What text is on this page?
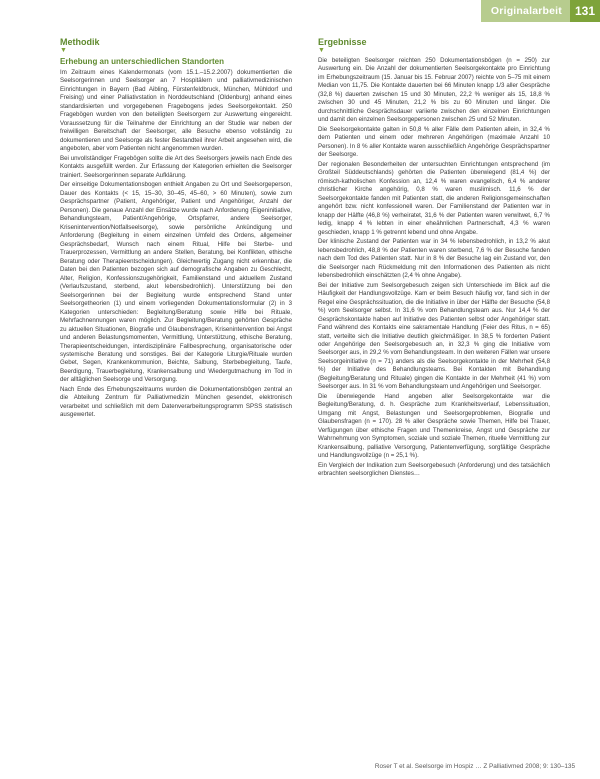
Originalarbeit	131
Methodik
▼
Erhebung an unterschiedlichen Standorten

Im Zeitraum eines Kalendermonats (vom 15.1.–15.2.2007) dokumentierten die Seelsorgerinnen und Seelsorger an 7 Hospitälern und palliativmedizinischen Einrichtungen in Bayern (Bad Aibling, Fürstenfeldbruck, München, Mühldorf und Freising) und einer Palliativstation in Norddeutschland (Oldenburg) anhand eines standardisierten und vorgegebenen Fragebogens jedes Seelsorgekontakt. 250 Fragebögen wurden von den beteiligten Seelsorgern zur Auswertung eingereicht. Voraussetzung für die Teilnahme der Einrichtung an der Studie war neben der freiwilligen Bereitschaft der Seelsorger, alle Besuche ebenso vollständig zu dokumentieren und Seelsorge als fester Bestandteil ihrer Arbeit angesehen wird, die angeboten, aber vom Patienten nicht angenommen wurden.

Bei unvollständiger Fragebögen sollte die Art des Seelsorgers jeweils nach Ende des Kontakts ausgefüllt werden. Zur Erfassung der Kategorien erhielten die Seelsorger trainiert. Seelsorgerinnen separate Aufklärung.

Der einseitige Dokumentationsbogen enthielt Angaben zu Ort und Seelsorgeperson, Dauer des Kontakts (< 15, 15–30, 30–45, 45–60, > 60 Minuten), sowie zum Gesprächspartner (Patient, Angehöriger, Patient und Angehöriger, Anzahl der Personen). Die genaue Anzahl der Einsätze wurde nach Anforderung (Eigeninitiative, Behandlungsteam, Patient/Angehörige, Ortspfarrer, andere Seelsorger, Krisenintervention/Notfallseelsorge), sowie persönliche Ankündigung und Anforderung (Begleitung in einem einzelnen Umfeld des Ordens, allgemeiner Gesprächsbedarf, Wunsch nach einem Ritual, Hilfe bei Sterbe- und Trauerprozessen, Vermittlung an andere Stellen, Beratung, bei Konflikten, ethische Beratung oder Therapieentscheidungen). Gleichwertig Zugang nicht erkennbar, die Daten bei den Patienten bezogen sich auf demografische Angaben zu Geschlecht, Alter, Religion, Konfessionszugehörigkeit, Familienstand und aktuellem Zustand (Verlaufszustand, sterbend, akut lebensbedrohlich). Unterstützung bei den Seelsorgerinnen bei der Begleitung wurde entsprechend Stand unter Seelsorgetheorien (1) und einem vorliegenden Dokumentationsformular (2) in 3 Kategorien unterschieden: Begleitung/Beratung sowie Hilfe bei Rituale, Mehrfachnennungen waren möglich. Zur Begleitung/Beratung gehörten Gespräche zu aktuellen Situationen, Biografie und Glaubensfragen, Krisenintervention bei Angst und anderen Belastungsmomenten, Vermittlung, Unterstützung, ethische Beratung, Therapieentscheidungen, interdisziplinäre Fallbesprechung, organisatorische oder systemische Beratung und sonstiges. Bei der Kategorie Liturgie/Rituale wurden Gebet, Segen, Krankenkommunion, Beichte, Salbung, Sterbebegleitung, Taufe, Beerdigung, Trauerbegleitung, Krankensalbung und Wiedergutmachung im Tod in der alltäglichen Seelsorge und Versorgung.

Nach Ende des Erhebungszeitraums wurden die Dokumentationsbögen zentral an die Abteilung Zentrum für Palliativmedizin München gesendet, elektronisch verarbeitet und schließlich mit dem Datenverarbeitungsprogramm SPSS statistisch ausgewertet.

Ergebnisse
▼

Die beteiligten Seelsorger reichten 250 Dokumentationsbögen (n = 250) zur Auswertung ein. Die Anzahl der dokumentierten Seelsorgekontakte pro Einrichtung im Erhebungszeitraum (15. Januar bis 15. Februar 2007) reichte von 5–75 mit einem Median von 11,75. Die Kontakte dauerten bei 66 Minuten knapp 1/3 aller Gespräche (32,8 %) dauerten zwischen 15 und 30 Minuten, 22,2 % weniger als 15, 18,8 % zwischen 30 und 45 Minuten, 21,2 % bis zu 60 Minuten und länger. Die durchschnittliche Gesprächsdauer variierte zwischen den einzelnen Einrichtungen und damit den einzelnen Seelsorgepersonen zwischen 25 und 52 Minuten.

Die Seelsorgekontakte galten in 50,8 % aller Fälle dem Patienten allein, in 32,4 % dem Patienten und einem oder mehreren Angehörigen (maximale Anzahl 10 Personen). In 8 % aller Kontakte waren ausschließlich Angehörige Gesprächspartner der Seelsorge.

Der regionalen Besonderheiten der untersuchten Einrichtungen entsprechend (im Großteil Süddeutschlands) gehörten die Patienten überwiegend (81,4 %) der römisch-katholischen Konfession an, 12,4 % waren evangelisch, 6,4 % anderer christlicher Kirche angehörig, 0,8 % waren muslimisch. 11,6 % der Seelsorgekontakte fanden mit Patienten statt, die anderen Religionsgemeinschaften angehört bzw. nicht konfessionell waren. Der Familienstand der Patienten war in knapp der Hälfte (46,8 %) verheiratet, 31,6 % der Patienten waren verwitwet, 6,7 % ledig, knapp 4 % lebten in einer eheähnlichen Partnerschaft, 4,3 % waren geschieden, knapp 1 % getrennt lebend und ohne Angabe.

Der klinische Zustand der Patienten war in 34 % lebensbedrohlich, in 13,2 % akut lebensbedrohlich, 48,8 % der Patienten waren sterbend, 7,6 % der Besuche fanden nach dem Tod des Patienten statt. Nur in 8 % der Besuche lag ein Zustand vor, den die Seelsorger nach Rückmeldung mit den Informationen des Patienten als nicht lebensbedrohlich einschätzten (2,4 % ohne Angabe).

Bei der Initiative zum Seelsorgebesuch zeigen sich Unterschiede im Blick auf die Häufigkeit der Handlungsvollzüge. Kam er beim Besuch häufig vor, fand sich in der Regel eine Gesprächssituation, die die Initiative in über der Hälfte der Besuche (54,8 %) vom Seelsorger selbst. In 31,6 % vom Behandlungsteam aus. Nur 14,4 % der Gesprächskontakte haben auf Initiative des Patienten selbst oder Angehöriger statt. Fand während des Kontakts eine sakramentale Handlung (Feier des Ritus, n = 65) statt, verteilte sich die Initiative deutlich gleichmäßiger. In 38,5 % forderten Patient oder Angehörige den Seelsorgebesuch an, in 32,3 % ging die Initiative vom Seelsorger aus, in 29,2 % vom Behandlungsteam. In den weiteren Fällen war unsere Seelsorgeinitiative (n = 71) anders als die Seelsorgekontakte in der Mehrheit (54,8 %) der Initiative des Behandlungsteams. Bei Kontakten mit Behandlung (Begleitung/Beratung und Rituale) gingen die Kontakte in der Mehrheit (41 %) vom Seelsorger aus. In 31 % vom Behandlungsteam und Angehörigen und Seelsorger.

Die überwiegende Hand angeben aller Seelsorgekontakte war die Begleitung/Beratung, d. h. Gespräche zum Krankheitsverlauf, Lebenssituation, Umgang mit Angst, Belastungen und Seelsorgeproblemen, Biografie und Glaubensfragen (n = 170). 28 % aller Gespräche sowie Themen, Hilfe bei Trauer, Verfügungen über ethische Fragen und Themenkreise, Angst und Gespräche zur Wahrnehmung von Symptomen, soziale und soziale Themen, rituelle Vermittlung zur Krankensalbung, palliative Versorgung, Patientenverfügung, sorgfältige Gespräche und Handlungsvollzüge (n = 25,1 %).

Ein Vergleich der Indikation zum Seelsorgebesuch (Anforderung) und des tatsächlich erbrachten seelsorglichen Dienstes…

Roser T et al. Seelsorge im Hospiz … Z Palliativmed 2008; 9: 130–135
